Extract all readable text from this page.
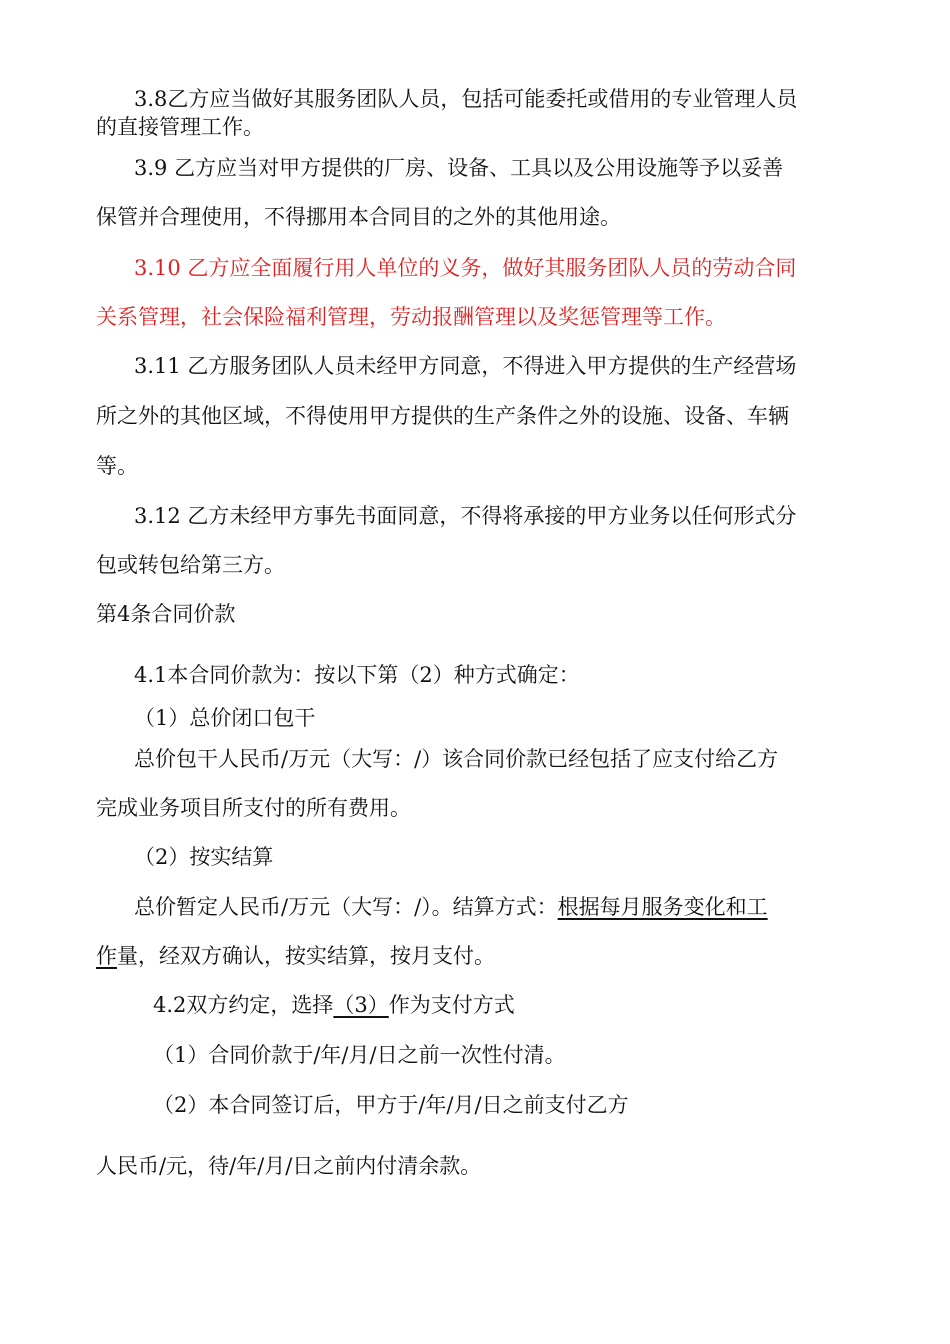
3.8乙方应当做好其服务团队人员，包括可能委托或借用的专业管理人员
的直接管理工作。
3.9 乙方应当对甲方提供的厂房、设备、工具以及公用设施等予以妥善
保管并合理使用，不得挪用本合同目的之外的其他用途。
3.10 乙方应全面履行用人单位的义务，做好其服务团队人员的劳动合同
关系管理，社会保险福利管理，劳动报酬管理以及奖惩管理等工作。
3.11 乙方服务团队人员未经甲方同意，不得进入甲方提供的生产经营场
所之外的其他区域，不得使用甲方提供的生产条件之外的设施、设备、车辆
等。
3.12 乙方未经甲方事先书面同意，不得将承接的甲方业务以任何形式分
包或转包给第三方。
第4条合同价款
4.1本合同价款为：按以下第（2）种方式确定：
（1）总价闭口包干
总价包干人民币/万元（大写：/）该合同价款已经包括了应支付给乙方
完成业务项目所支付的所有费用。
（2）按实结算
总价暂定人民币/万元（大写：/）。结算方式：根据每月服务变化和工
作量，经双方确认，按实结算，按月支付。
4.2双方约定，选择（3）作为支付方式
（1）合同价款于/年/月/日之前一次性付清。
（2）本合同签订后，甲方于/年/月/日之前支付乙方
人民币/元，待/年/月/日之前内付清余款。
